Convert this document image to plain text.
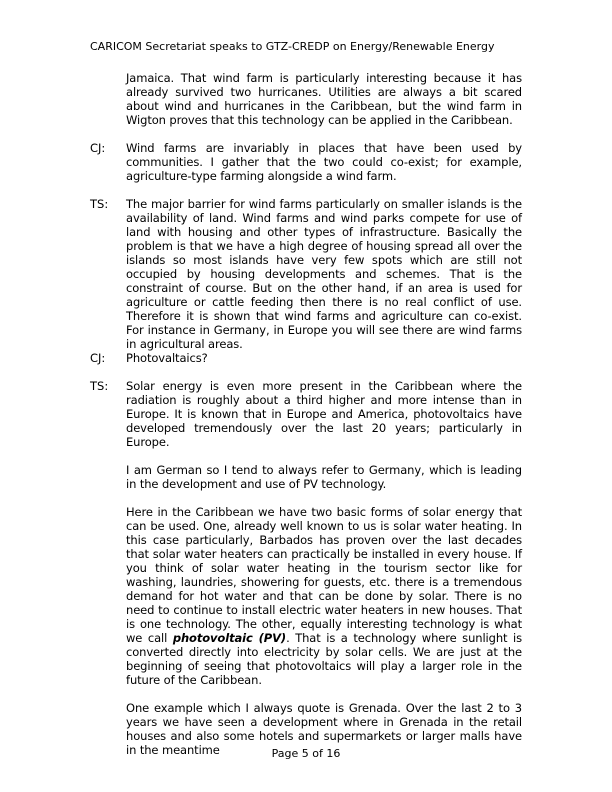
CARICOM Secretariat speaks to GTZ-CREDP on Energy/Renewable Energy

Jamaica. That wind farm is particularly interesting because it has already survived two hurricanes. Utilities are always a bit scared about wind and hurricanes in the Caribbean, but the wind farm in Wigton proves that this technology can be applied in the Caribbean.

CJ:	Wind farms are invariably in places that have been used by communities. I gather that the two could co-exist; for example, agriculture-type farming alongside a wind farm.

TS:	The major barrier for wind farms particularly on smaller islands is the availability of land. Wind farms and wind parks compete for use of land with housing and other types of infrastructure. Basically the problem is that we have a high degree of housing spread all over the islands so most islands have very few spots which are still not occupied by housing developments and schemes. That is the constraint of course. But on the other hand, if an area is used for agriculture or cattle feeding then there is no real conflict of use. Therefore it is shown that wind farms and agriculture can co-exist. For instance in Germany, in Europe you will see there are wind farms in agricultural areas.

CJ:	Photovaltaics?

TS:	Solar energy is even more present in the Caribbean where the radiation is roughly about a third higher and more intense than in Europe. It is known that in Europe and America, photovoltaics have developed tremendously over the last 20 years; particularly in Europe.

I am German so I tend to always refer to Germany, which is leading in the development and use of PV technology.

Here in the Caribbean we have two basic forms of solar energy that can be used. One, already well known to us is solar water heating. In this case particularly, Barbados has proven over the last decades that solar water heaters can practically be installed in every house. If you think of solar water heating in the tourism sector like for washing, laundries, showering for guests, etc. there is a tremendous demand for hot water and that can be done by solar. There is no need to continue to install electric water heaters in new houses. That is one technology. The other, equally interesting technology is what we call photovoltaic (PV). That is a technology where sunlight is converted directly into electricity by solar cells. We are just at the beginning of seeing that photovoltaics will play a larger role in the future of the Caribbean.

One example which I always quote is Grenada. Over the last 2 to 3 years we have seen a development where in Grenada in the retail houses and also some hotels and supermarkets or larger malls have in the meantime	Page 5 of 16
